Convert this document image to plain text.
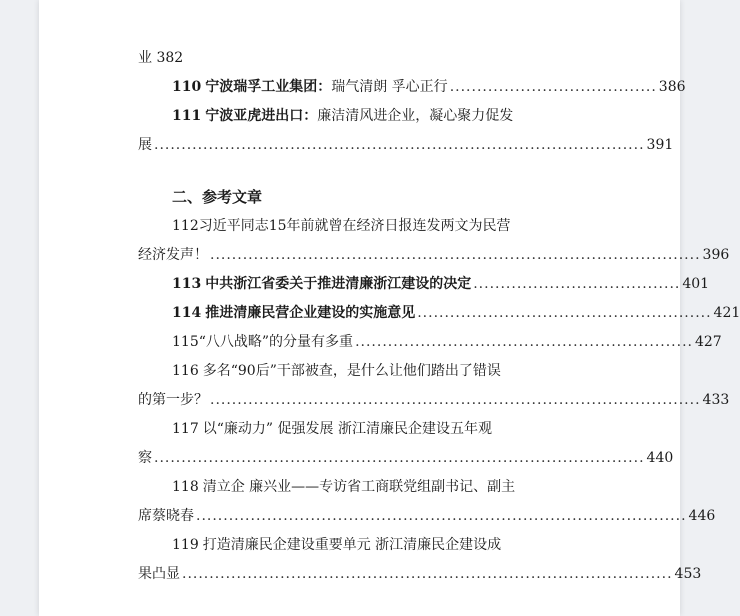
业 382
110 宁波瑞孚工业集团： 瑞气清朗 孚心正行 ...................................... 386
111 宁波亚虎进出口： 廉洁清风进企业，凝心聚力促发
展 .......................................................................................... 391
二、参考文章
112 习近平同志15年前就曾在经济日报连发两文为民营
经济发声！ .......................................................................................... 396
113 中共浙江省委关于推进清廉浙江建设的决定 ...................................... 401
114 推进清廉民营企业建设的实施意见 ...................................................... 421
115 “八八战略”的分量有多重 .............................................................. 427
116 多名“90后”干部被查，是什么让他们踏出了错误
的第一步？ .......................................................................................... 433
117 以“廉动力” 促强发展 浙江清廉民企建设五年观
察 .......................................................................................... 440
118 清立企 廉兴业——专访省工商联党组副书记、副主
席蔡晓春 .......................................................................................... 446
119 打造清廉民企建设重要单元 浙江清廉民企建设成
果凸显 .......................................................................................... 453
